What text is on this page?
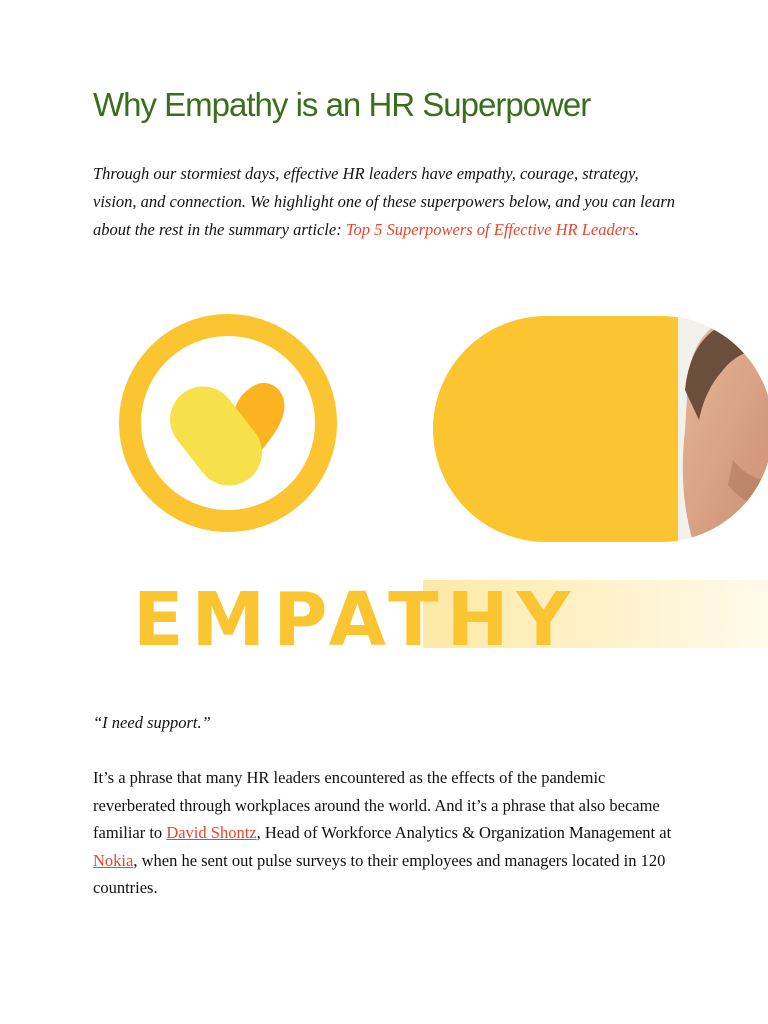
Why Empathy is an HR Superpower

Through our stormiest days, effective HR leaders have empathy, courage, strategy, vision, and connection. We highlight one of these superpowers below, and you can learn about the rest in the summary article: Top 5 Superpowers of Effective HR Leaders.

EMPATHY

“I need support.”

It’s a phrase that many HR leaders encountered as the effects of the pandemic reverberated through workplaces around the world. And it’s a phrase that also became familiar to David Shontz, Head of Workforce Analytics & Organization Management at Nokia, when he sent out pulse surveys to their employees and managers located in 120 countries.
